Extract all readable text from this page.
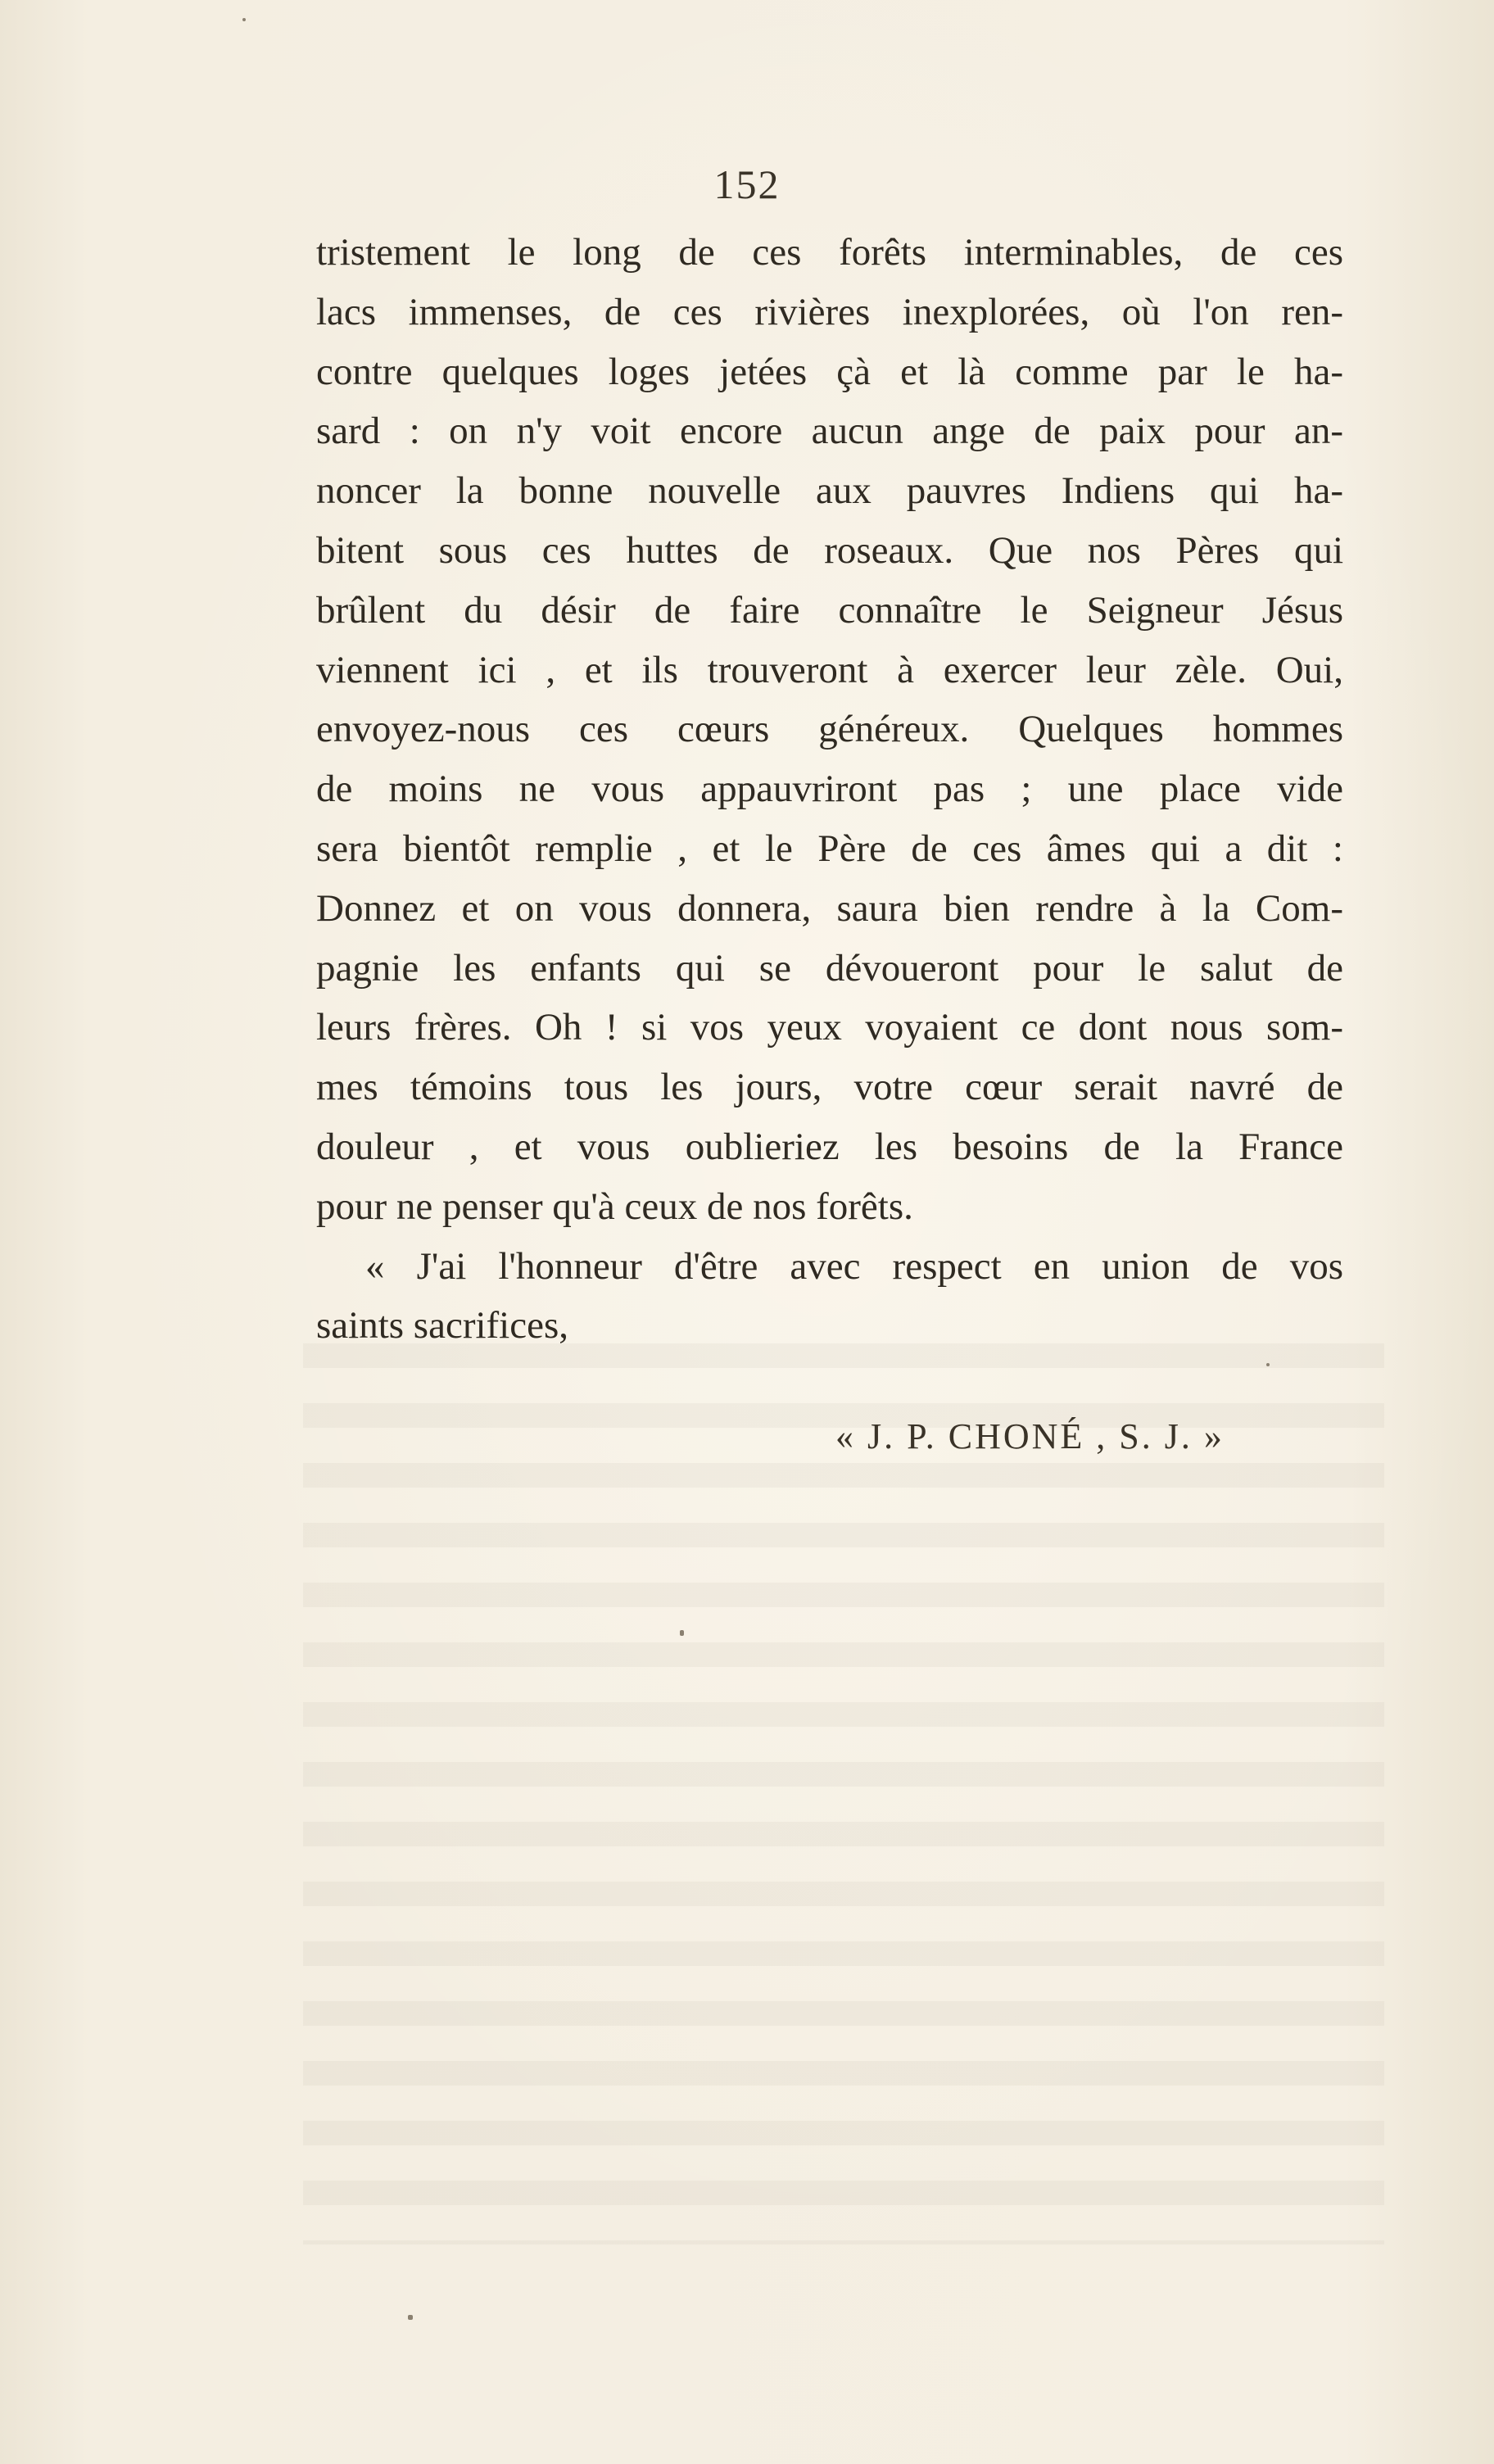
152
tristement le long de ces forêts interminables, de ces
lacs immenses, de ces rivières inexplorées, où l'on ren-
contre quelques loges jetées çà et là comme par le ha-
sard : on n'y voit encore aucun ange de paix pour an-
noncer la bonne nouvelle aux pauvres Indiens qui ha-
bitent sous ces huttes de roseaux. Que nos Pères qui
brûlent du désir de faire connaître le Seigneur Jésus
viennent ici , et ils trouveront à exercer leur zèle. Oui,
envoyez-nous ces cœurs généreux. Quelques hommes
de moins ne vous appauvriront pas ; une place vide
sera bientôt remplie , et le Père de ces âmes qui a dit :
Donnez et on vous donnera, saura bien rendre à la Com-
pagnie les enfants qui se dévoueront pour le salut de
leurs frères. Oh ! si vos yeux voyaient ce dont nous som-
mes témoins tous les jours, votre cœur serait navré de
douleur , et vous oublieriez les besoins de la France
pour ne penser qu'à ceux de nos forêts.
« J'ai l'honneur d'être avec respect en union de vos
saints sacrifices,
« J. P. CHONÉ , S. J. »
